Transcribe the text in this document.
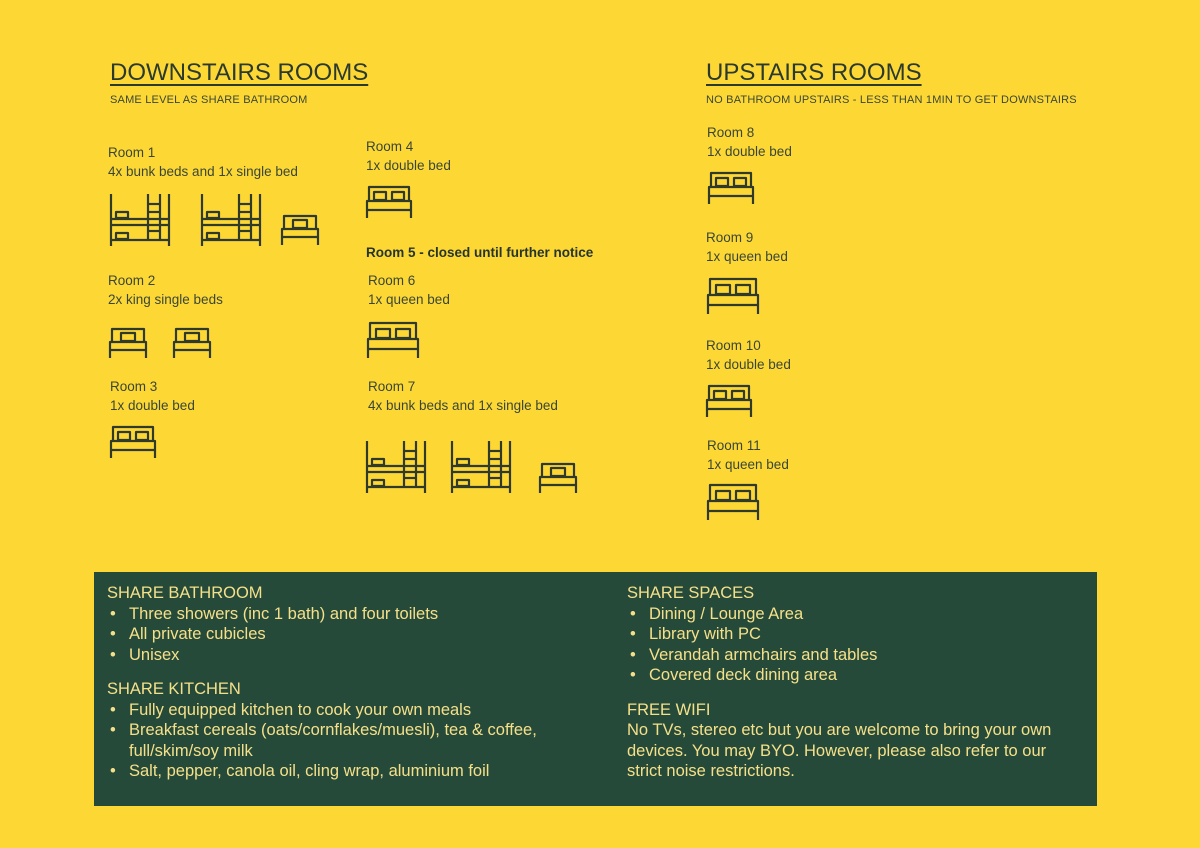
DOWNSTAIRS ROOMS
SAME LEVEL AS SHARE BATHROOM
UPSTAIRS ROOMS
NO BATHROOM UPSTAIRS - LESS THAN 1MIN TO GET DOWNSTAIRS
Room 1
4x bunk beds and 1x single bed
Room 2
2x king single beds
Room 3
1x double bed
Room 4
1x double bed
Room 5 - closed until further notice
Room 6
1x queen bed
Room 7
4x bunk beds and 1x single bed
Room 8
1x double bed
Room 9
1x queen bed
Room 10
1x double bed
Room 11
1x queen bed
SHARE BATHROOM
• Three showers (inc 1 bath) and four toilets
• All private cubicles
• Unisex
SHARE KITCHEN
• Fully equipped kitchen to cook your own meals
• Breakfast cereals (oats/cornflakes/muesli), tea & coffee, full/skim/soy milk
• Salt, pepper, canola oil, cling wrap, aluminium foil
SHARE SPACES
• Dining / Lounge Area
• Library with PC
• Verandah armchairs and tables
• Covered deck dining area
FREE WIFI
No TVs, stereo etc but you are welcome to bring your own devices. You may BYO. However, please also refer to our strict noise restrictions.
